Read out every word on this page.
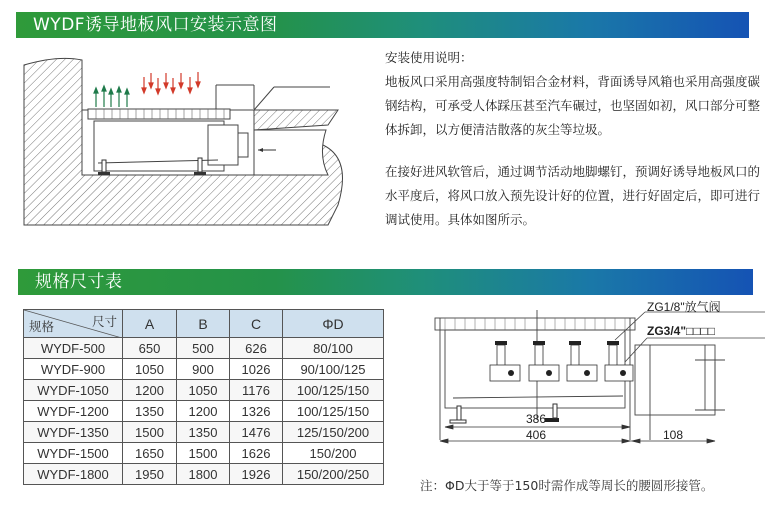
WYDF诱导地板风口安装示意图
安装使用说明：
地板风口采用高强度特制铝合金材料，背面诱导风箱也采用高强度碳钢结构，可承受人体踩压甚至汽车碾过，也坚固如初，风口部分可整体拆卸，以方便清洁散落的灰尘等垃圾。
在接好进风软管后，通过调节活动地脚螺钉，预调好诱导地板风口的水平度后，将风口放入预先设计好的位置，进行好固定后，即可进行调试使用。具体如图所示。
规格尺寸表
尺寸
规格	A	B	C	ΦD
WYDF-500	650	500	626	80/100
WYDF-900	1050	900	1026	90/100/125
WYDF-1050	1200	1050	1176	100/125/150
WYDF-1200	1350	1200	1326	100/125/150
WYDF-1350	1500	1350	1476	125/150/200
WYDF-1500	1650	1500	1626	150/200
WYDF-1800	1950	1800	1926	150/200/250
ZG1/8"放气阀
ZG3/4"□□□□
386
406	108
注：ΦD大于等于150时需作成等周长的腰圆形接管。
